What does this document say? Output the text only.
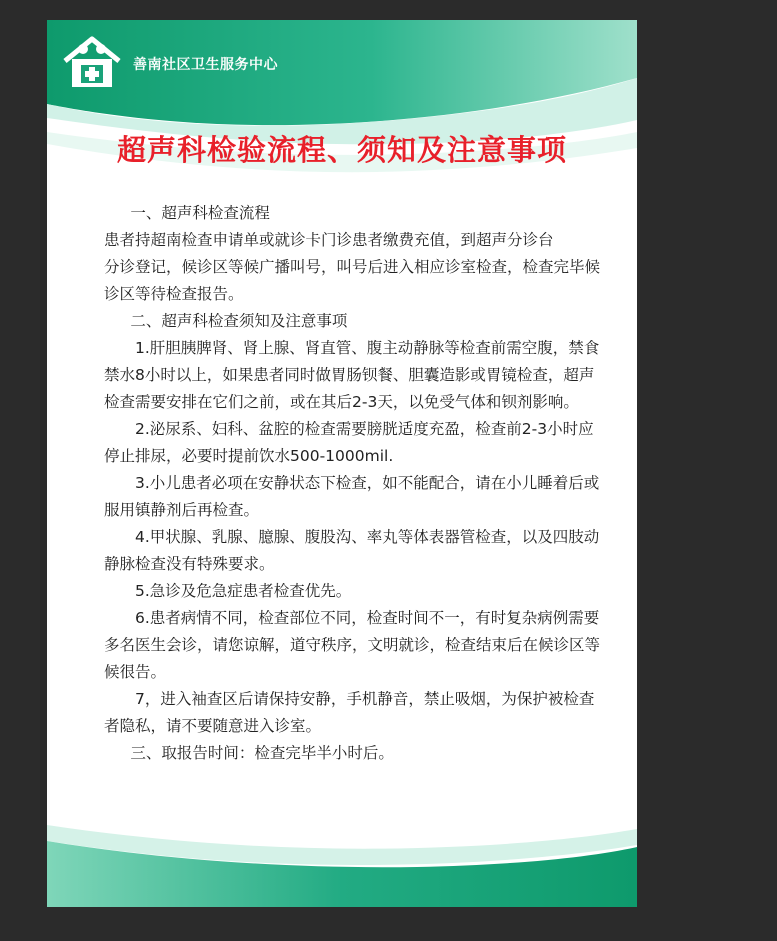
善南社区卫生服务中心
超声科检验流程、须知及注意事项

一、超声科检查流程

患者持超南检查申请单或就诊卡门诊患者缴费充值，到超声分诊台

分诊登记，候诊区等候广播叫号，叫号后进入相应诊室检查，检查完毕候诊区等待检查报告。

二、超声科检查须知及注意事项

1.肝胆胰脾肾、肾上腺、肾直管、腹主动静脉等检查前需空腹，禁食禁水8小时以上，如果患者同时做胃肠钡餐、胆囊造影或胃镜检查，超声检查需要安排在它们之前，或在其后2-3天，以免受气体和钡剂影响。

2.泌尿系、妇科、盆腔的检查需要膀胱适度充盈，检查前2-3小时应停止排尿，必要时提前饮水500-1000mil.

3.小儿患者必项在安静状态下检查，如不能配合，请在小儿睡着后或服用镇静剂后再检查。

4.甲状腺、乳腺、臆腺、腹股沟、率丸等体表器管检查，以及四肢动静脉检查没有特殊要求。

5.急诊及危急症患者检查优先。

6.患者病情不同，检查部位不同，检查时间不一，有时复杂病例需要多名医生会诊，请您谅解，道守秩序，文明就诊，检查结束后在候诊区等候很告。

7，进入袖查区后请保持安静，手机静音，禁止吸烟，为保护被检查者隐私，请不要随意进入诊室。

三、取报告时间：检查完毕半小时后。
